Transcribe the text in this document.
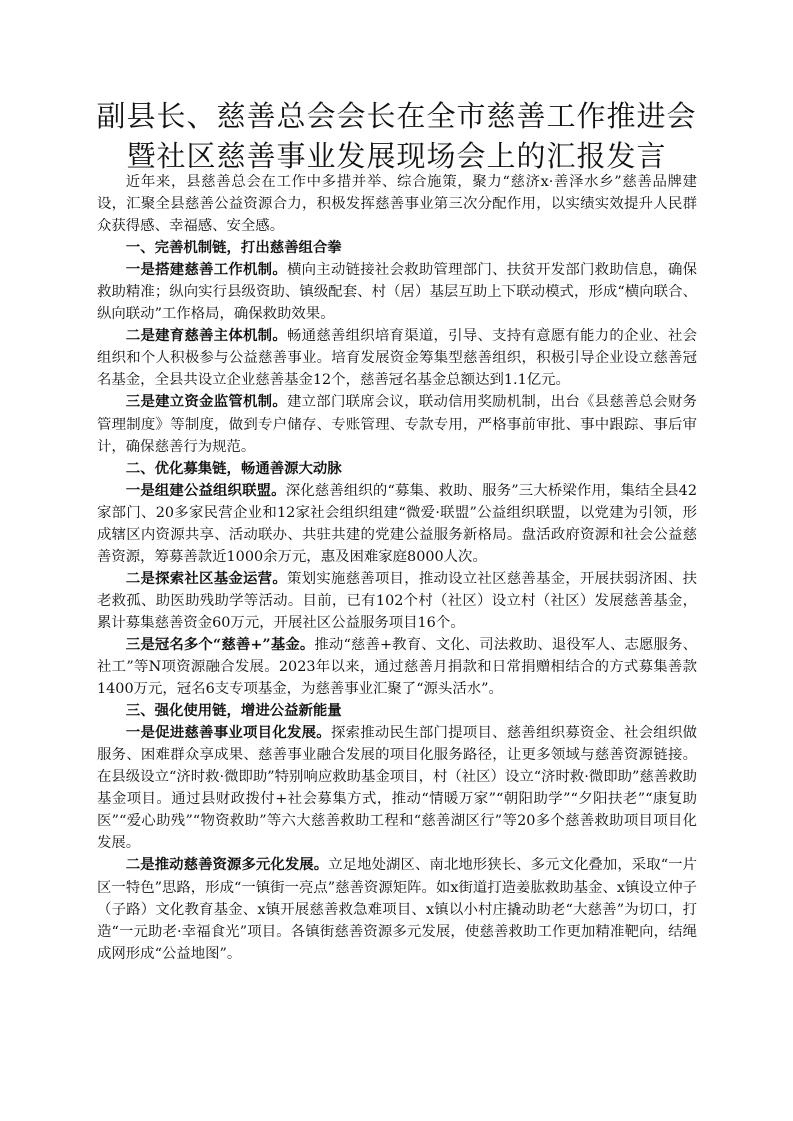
副县长、慈善总会会长在全市慈善工作推进会
暨社区慈善事业发展现场会上的汇报发言

近年来，县慈善总会在工作中多措并举、综合施策，聚力“慈济x·善泽水乡”慈善品牌建设，汇聚全县慈善公益资源合力，积极发挥慈善事业第三次分配作用，以实绩实效提升人民群众获得感、幸福感、安全感。

一、完善机制链，打出慈善组合拳

一是搭建慈善工作机制。横向主动链接社会救助管理部门、扶贫开发部门救助信息，确保救助精准；纵向实行县级资助、镇级配套、村（居）基层互助上下联动模式，形成“横向联合、纵向联动”工作格局，确保救助效果。

二是建育慈善主体机制。畅通慈善组织培育渠道，引导、支持有意愿有能力的企业、社会组织和个人积极参与公益慈善事业。培育发展资金筹集型慈善组织，积极引导企业设立慈善冠名基金，全县共设立企业慈善基金12个，慈善冠名基金总额达到1.1亿元。

三是建立资金监管机制。建立部门联席会议，联动信用奖励机制，出台《县慈善总会财务管理制度》等制度，做到专户储存、专账管理、专款专用，严格事前审批、事中跟踪、事后审计，确保慈善行为规范。

二、优化募集链，畅通善源大动脉

一是组建公益组织联盟。深化慈善组织的“募集、救助、服务”三大桥梁作用，集结全县42家部门、20多家民营企业和12家社会组织组建“微爱·联盟”公益组织联盟，以党建为引领，形成辖区内资源共享、活动联办、共驻共建的党建公益服务新格局。盘活政府资源和社会公益慈善资源，筹募善款近1000余万元，惠及困难家庭8000人次。

二是探索社区基金运营。策划实施慈善项目，推动设立社区慈善基金，开展扶弱济困、扶老救孤、助医助残助学等活动。目前，已有102个村（社区）设立村（社区）发展慈善基金，累计募集慈善资金60万元，开展社区公益服务项目16个。

三是冠名多个“慈善+”基金。推动“慈善+教育、文化、司法救助、退役军人、志愿服务、社工”等N项资源融合发展。2023年以来，通过慈善月捐款和日常捐赠相结合的方式募集善款1400万元，冠名6支专项基金，为慈善事业汇聚了“源头活水”。

三、强化使用链，增进公益新能量

一是促进慈善事业项目化发展。探索推动民生部门提项目、慈善组织募资金、社会组织做服务、困难群众享成果、慈善事业融合发展的项目化服务路径，让更多领域与慈善资源链接。在县级设立“济时救·微即助”特别响应救助基金项目，村（社区）设立“济时救·微即助”慈善救助基金项目。通过县财政拨付+社会募集方式，推动“情暖万家”“朝阳助学”“夕阳扶老”“康复助医”“爱心助残”“物资救助”等六大慈善救助工程和“慈善湖区行”等20多个慈善救助项目项目化发展。

二是推动慈善资源多元化发展。立足地处湖区、南北地形狭长、多元文化叠加，采取“一片区一特色”思路，形成“一镇街一亮点”慈善资源矩阵。如x街道打造姜肱救助基金、x镇设立仲子（子路）文化教育基金、x镇开展慈善救急难项目、x镇以小村庄撬动助老“大慈善”为切口，打造“一元助老·幸福食光”项目。各镇街慈善资源多元发展，使慈善救助工作更加精准靶向，结绳成网形成“公益地图”。
